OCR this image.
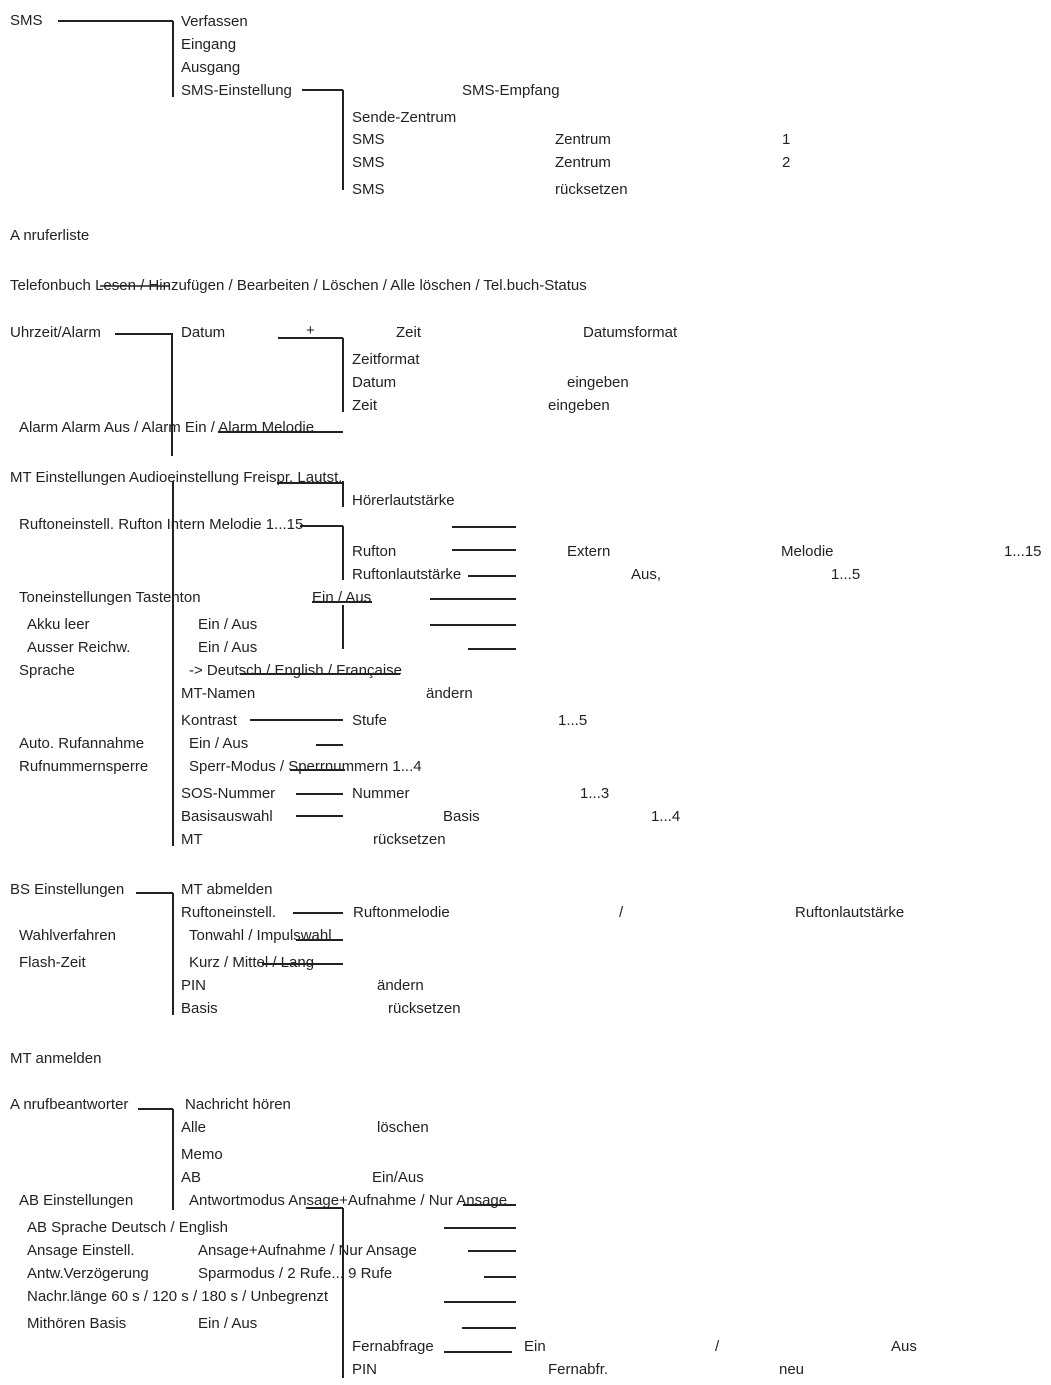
SMS	Verfassen
Eingang
Ausgang
SMS-Einstellung	SMS-Empfang
Sende-Zentrum
SMS	Zentrum	1
SMS	Zentrum	2
SMS	rücksetzen
A nruferliste
Telefonbuch Lesen / Hinzufügen / Bearbeiten / Löschen / Alle löschen / Tel.buch-Status
Uhrzeit/Alarm	Datum	+	Zeit	Datumsformat
Zeitformat
Datum	eingeben
Zeit	eingeben
Alarm Alarm Aus / Alarm Ein / Alarm Melodie
MT Einstellungen Audioeinstellung Freispr. Lautst.
Hörerlautstärke
Ruftoneinstell. Rufton Intern Melodie 1...15
Rufton	Extern	Melodie	1...15
Ruftonlautstärke	Aus,	1...5
Toneinstellungen Tastenton	Ein / Aus
Akku leer	Ein / Aus
Ausser Reichw.	Ein / Aus
Sprache	-> Deutsch / English / Française
MT-Namen	ändern
Kontrast	Stufe	1...5
Auto. Rufannahme	Ein / Aus
Rufnummernsperre	Sperr-Modus / Sperrnummern 1...4
SOS-Nummer	Nummer	1...3
Basisauswahl	Basis	1...4
MT	rücksetzen
BS Einstellungen	MT abmelden
Ruftoneinstell.	Ruftonmelodie	/	Ruftonlautstärke
Wahlverfahren	Tonwahl / Impulswahl
Flash-Zeit	Kurz / Mittel / Lang
PIN	ändern
Basis	rücksetzen
MT anmelden
A nrufbeantworter	Nachricht hören
Alle	löschen
Memo
AB	Ein/Aus
AB Einstellungen	Antwortmodus Ansage+Aufnahme / Nur Ansage
AB Sprache Deutsch / English
Ansage Einstell.	Ansage+Aufnahme / Nur Ansage
Antw.Verzögerung	Sparmodus / 2 Rufe... 9 Rufe
Nachr.länge 60 s / 120 s / 180 s / Unbegrenzt
Mithören Basis	Ein / Aus
Fernabfrage	Ein	/	Aus
PIN	Fernabfr.	neu
